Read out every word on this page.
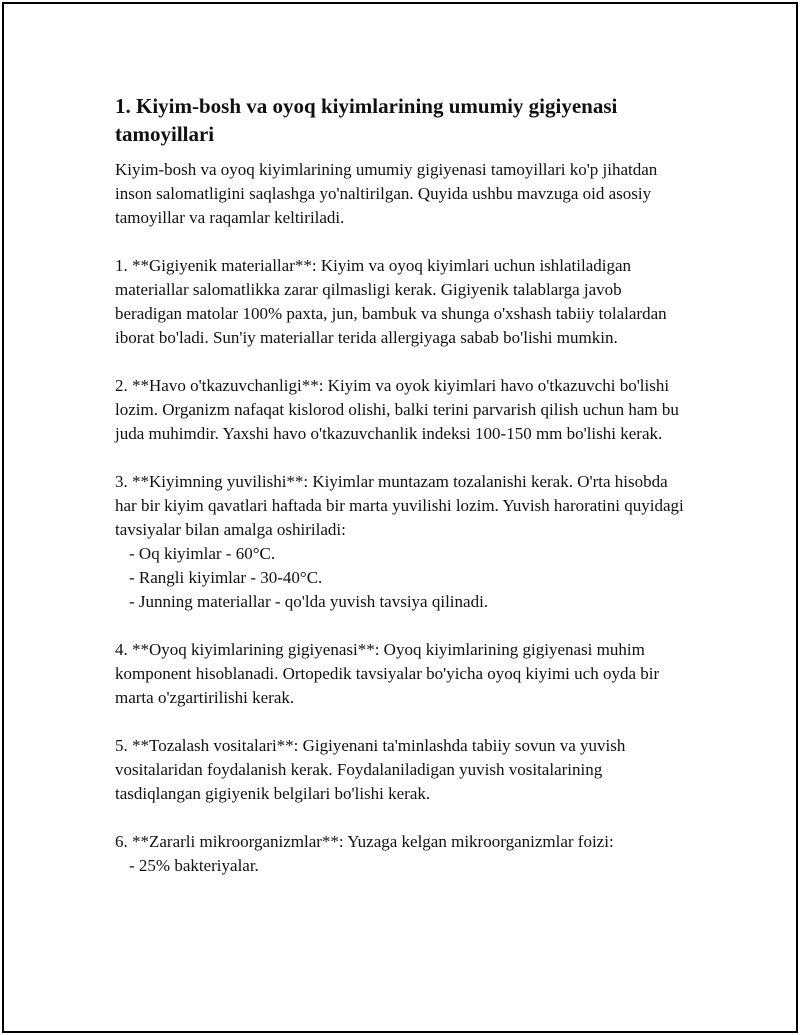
1. Kiyim-bosh va oyoq kiyimlarining umumiy gigiyenasi tamoyillari

Kiyim-bosh va oyoq kiyimlarining umumiy gigiyenasi tamoyillari ko'p jihatdan inson salomatligini saqlashga yo'naltirilgan. Quyida ushbu mavzuga oid asosiy tamoyillar va raqamlar keltiriladi.

1. **Gigiyenik materiallar**: Kiyim va oyoq kiyimlari uchun ishlatiladigan materiallar salomatlikka zarar qilmasligi kerak. Gigiyenik talablarga javob beradigan matolar 100% paxta, jun, bambuk va shunga o'xshash tabiiy tolalardan iborat bo'ladi. Sun'iy materiallar terida allergiyaga sabab bo'lishi mumkin.

2. **Havo o'tkazuvchanligi**: Kiyim va oyok kiyimlari havo o'tkazuvchi bo'lishi lozim. Organizm nafaqat kislorod olishi, balki terini parvarish qilish uchun ham bu juda muhimdir. Yaxshi havo o'tkazuvchanlik indeksi 100-150 mm bo'lishi kerak.

3. **Kiyimning yuvilishi**: Kiyimlar muntazam tozalanishi kerak. O'rta hisobda har bir kiyim qavatlari haftada bir marta yuvilishi lozim. Yuvish haroratini quyidagi tavsiyalar bilan amalga oshiriladi:

- Oq kiyimlar - 60°C.

- Rangli kiyimlar - 30-40°C.

- Junning materiallar - qo'lda yuvish tavsiya qilinadi.

4. **Oyoq kiyimlarining gigiyenasi**: Oyoq kiyimlarining gigiyenasi muhim komponent hisoblanadi. Ortopedik tavsiyalar bo'yicha oyoq kiyimi uch oyda bir marta o'zgartirilishi kerak.

5. **Tozalash vositalari**: Gigiyenani ta'minlashda tabiiy sovun va yuvish vositalaridan foydalanish kerak. Foydalaniladigan yuvish vositalarining tasdiqlangan gigiyenik belgilari bo'lishi kerak.

6. **Zararli mikroorganizmlar**: Yuzaga kelgan mikroorganizmlar foizi:

- 25% bakteriyalar.
